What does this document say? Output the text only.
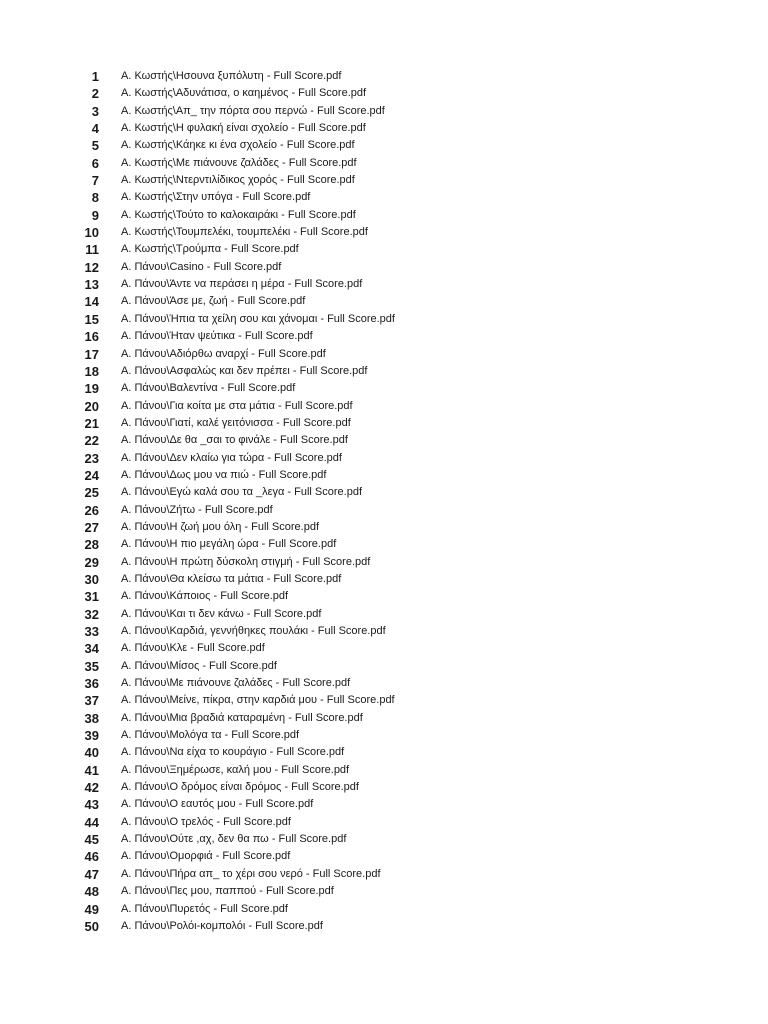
1 Α. Κωστής\Ησουνα ξυπόλυτη - Full Score.pdf
2 Α. Κωστής\Αδυνάτισα, ο καημένος - Full Score.pdf
3 Α. Κωστής\Απ_ την πόρτα σου περνώ - Full Score.pdf
4 Α. Κωστής\Η φυλακή είναι σχολείο - Full Score.pdf
5 Α. Κωστής\Κάηκε κι ένα σχολείο - Full Score.pdf
6 Α. Κωστής\Με πιάνουνε ζαλάδες - Full Score.pdf
7 Α. Κωστής\Ντερντιλίδικος χορός - Full Score.pdf
8 Α. Κωστής\Στην υπόγα - Full Score.pdf
9 Α. Κωστής\Τούτο το καλοκαιράκι - Full Score.pdf
10 Α. Κωστής\Τουμπελέκι, τουμπελέκι - Full Score.pdf
11 Α. Κωστής\Τρούμπα - Full Score.pdf
12 Α. Πάνου\Casino - Full Score.pdf
13 Α. Πάνου\Άντε να περάσει η μέρα - Full Score.pdf
14 Α. Πάνου\Άσε με, ζωή - Full Score.pdf
15 Α. Πάνου\Ήπια τα χείλη σου και χάνομαι - Full Score.pdf
16 Α. Πάνου\Ήταν ψεύτικα - Full Score.pdf
17 Α. Πάνου\Αδιόρθω αναρχί - Full Score.pdf
18 Α. Πάνου\Ασφαλώς και δεν πρέπει - Full Score.pdf
19 Α. Πάνου\Βαλεντίνα - Full Score.pdf
20 Α. Πάνου\Για κοίτα με στα μάτια - Full Score.pdf
21 Α. Πάνου\Γιατί, καλέ γειτόνισσα - Full Score.pdf
22 Α. Πάνου\Δε θα _σαι το φινάλε - Full Score.pdf
23 Α. Πάνου\Δεν κλαίω για τώρα - Full Score.pdf
24 Α. Πάνου\Δως μου να πιώ - Full Score.pdf
25 Α. Πάνου\Εγώ καλά σου τα _λεγα - Full Score.pdf
26 Α. Πάνου\Ζήτω - Full Score.pdf
27 Α. Πάνου\Η ζωή μου όλη - Full Score.pdf
28 Α. Πάνου\Η πιο μεγάλη ώρα - Full Score.pdf
29 Α. Πάνου\Η πρώτη δύσκολη στιγμή - Full Score.pdf
30 Α. Πάνου\Θα κλείσω τα μάτια - Full Score.pdf
31 Α. Πάνου\Κάποιος - Full Score.pdf
32 Α. Πάνου\Και τι δεν κάνω - Full Score.pdf
33 Α. Πάνου\Καρδιά, γεννήθηκες πουλάκι - Full Score.pdf
34 Α. Πάνου\Κλε - Full Score.pdf
35 Α. Πάνου\Μίσος - Full Score.pdf
36 Α. Πάνου\Με πιάνουνε ζαλάδες - Full Score.pdf
37 Α. Πάνου\Μείνε, πίκρα, στην καρδιά μου - Full Score.pdf
38 Α. Πάνου\Μια βραδιά καταραμένη - Full Score.pdf
39 Α. Πάνου\Μολόγα τα - Full Score.pdf
40 Α. Πάνου\Να είχα το κουράγιο - Full Score.pdf
41 Α. Πάνου\Ξημέρωσε, καλή μου - Full Score.pdf
42 Α. Πάνου\Ο δρόμος είναι δρόμος - Full Score.pdf
43 Α. Πάνου\Ο εαυτός μου - Full Score.pdf
44 Α. Πάνου\Ο τρελός - Full Score.pdf
45 Α. Πάνου\Ούτε ,αχ, δεν θα πω - Full Score.pdf
46 Α. Πάνου\Ομορφιά - Full Score.pdf
47 Α. Πάνου\Πήρα απ_ το χέρι σου νερό - Full Score.pdf
48 Α. Πάνου\Πες μου, παππού - Full Score.pdf
49 Α. Πάνου\Πυρετός - Full Score.pdf
50 Α. Πάνου\Ρολόι-κομπολόι - Full Score.pdf
